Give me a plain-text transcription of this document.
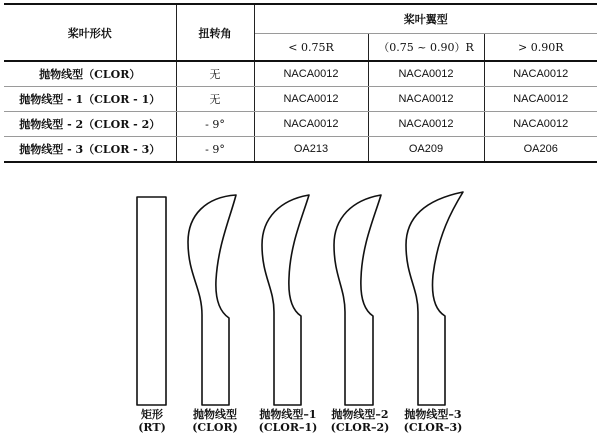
桨叶形状	扭转角	桨叶翼型		
		< 0.75R	（0.75 ~ 0.90）R	> 0.90R
抛物线型（CLOR）	无	NACA0012	NACA0012	NACA0012
抛物线型 - 1（CLOR - 1）	无	NACA0012	NACA0012	NACA0012
抛物线型 - 2（CLOR - 2）	- 9°	NACA0012	NACA0012	NACA0012
抛物线型 - 3（CLOR - 3）	- 9°	OA213	OA209	OA206
矩形
(RT)
抛物线型
(CLOR)
抛物线型–1
(CLOR–1)
抛物线型–2
(CLOR–2)
抛物线型–3
(CLOR–3)
